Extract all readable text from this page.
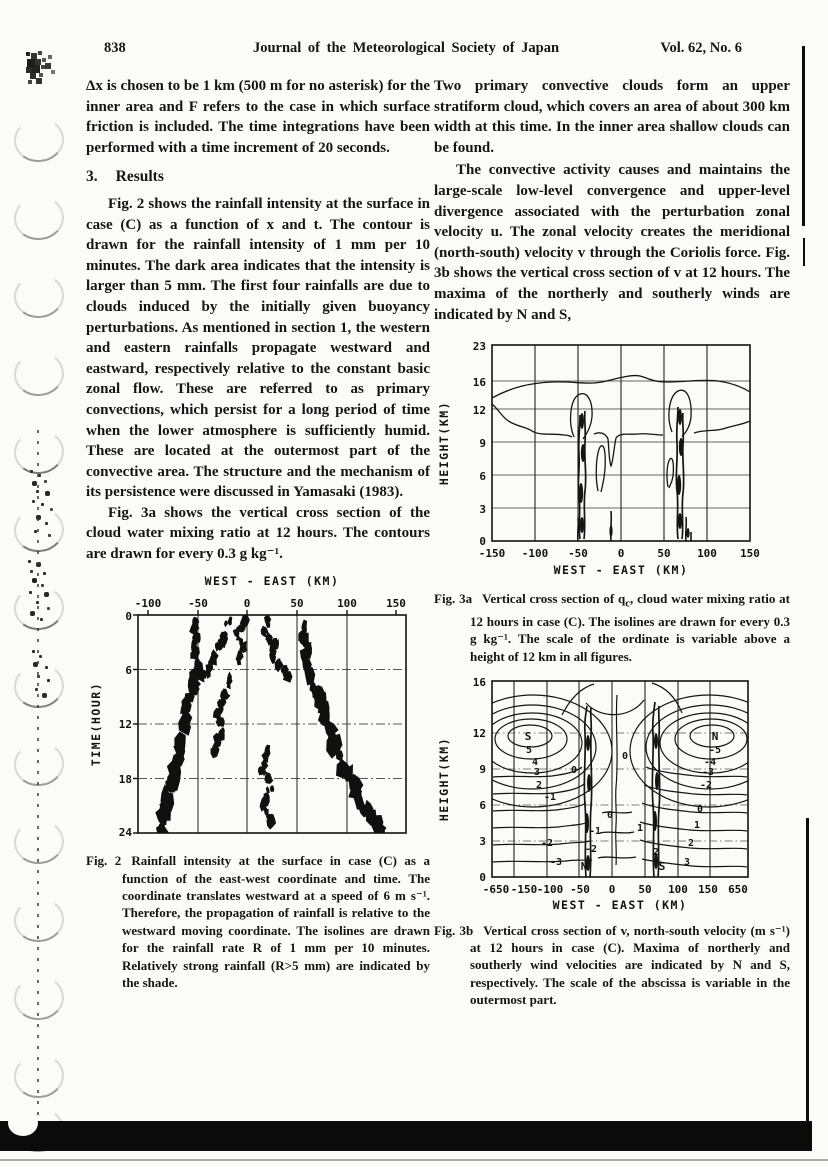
838	Journal of the Meteorological Society of Japan	Vol. 62, No. 6

Δx is chosen to be 1 km (500 m for no asterisk) for the inner area and F refers to the case in which surface friction is included. The time integrations have been performed with a time increment of 20 seconds.

3. Results

Fig. 2 shows the rainfall intensity at the surface in case (C) as a function of x and t. The contour is drawn for the rainfall intensity of 1 mm per 10 minutes. The dark area indicates that the intensity is larger than 5 mm. The first four rainfalls are due to clouds induced by the initially given buoyancy perturbations. As mentioned in section 1, the western and eastern rainfalls propagate westward and eastward, respectively relative to the constant basic zonal flow. These are referred to as primary convections, which persist for a long period of time when the lower atmosphere is sufficiently humid. These are located at the outermost part of the convective area. The structure and the mechanism of its persistence were discussed in Yamasaki (1983).

Fig. 3a shows the vertical cross section of the cloud water mixing ratio at 12 hours. The contours are drawn for every 0.3 g kg⁻¹.

WEST - EAST (KM)
-100 -50	0	50	100	150
0
6
12
18
24
TIME(HOUR)

Fig. 2 Rainfall intensity at the surface in case (C) as a function of the east-west coordinate and time. The coordinate translates westward at a speed of 6 m s⁻¹. Therefore, the propagation of rainfall is relative to the westward moving coordinate. The isolines are drawn for the rainfall rate R of 1 mm per 10 minutes. Relatively strong rainfall (R>5 mm) are indicated by the shade.

Two primary convective clouds form an upper stratiform cloud, which covers an area of about 300 km width at this time. In the inner area shallow clouds can be found.

The convective activity causes and maintains the large-scale low-level convergence and upper-level divergence associated with the perturbation zonal velocity u. The zonal velocity creates the meridional (north-south) velocity v through the Coriolis force. Fig. 3b shows the vertical cross section of v at 12 hours. The maxima of the northerly and southerly winds are indicated by N and S,

23
16
12
9
6
3
0
HEIGHT(KM)
-150 -100 -50	0	50 100 150
WEST - EAST (KM)

Fig. 3a Vertical cross section of $q_c$, cloud water mixing ratio at 12 hours in case (C). The isolines are drawn for every 0.3 g kg⁻¹. The scale of the ordinate is variable above a height of 12 km in all figures.

16
12
9
6
3
0
HEIGHT(KM)
-650 -150 -100 -50 0 50 100 150 650
WEST - EAST (KM)
S
5
4
3
2
N
-5
-4
-3
-2
-1
-2
-3
0
1
2
3
-1
-2
1
2
0
0
0
N	S

Fig. 3b Vertical cross section of v, north-south velocity (m s⁻¹) at 12 hours in case (C). Maxima of northerly and southerly wind velocities are indicated by N and S, respectively. The scale of the abscissa is variable in the outermost part.
